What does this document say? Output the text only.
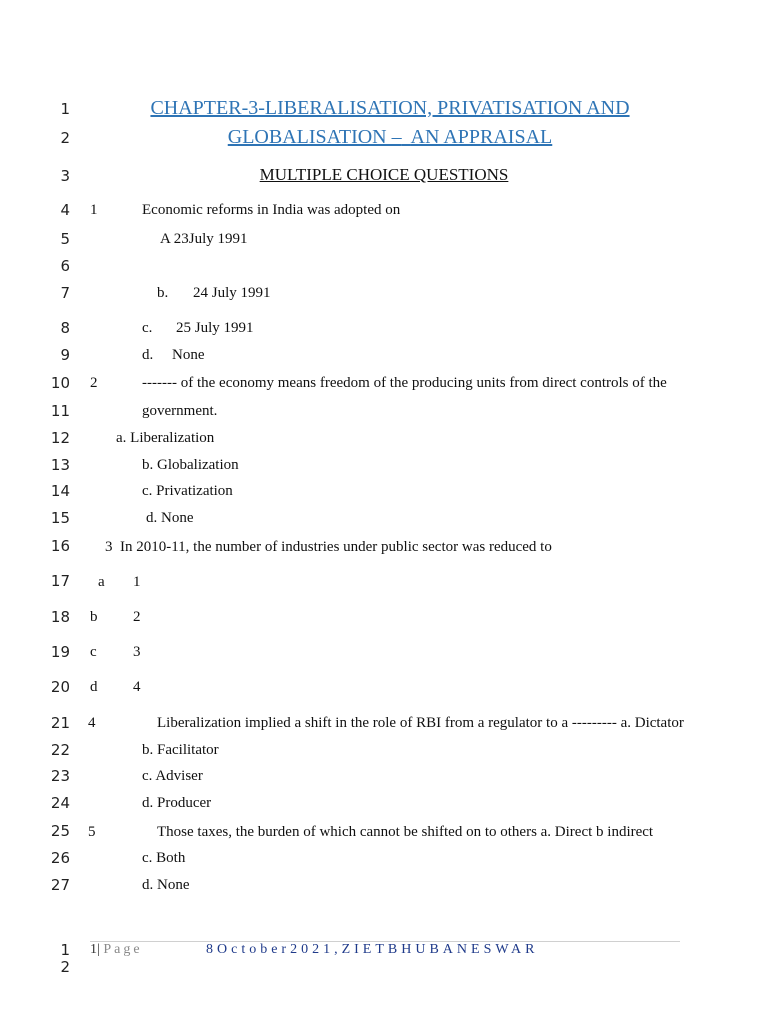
1
2
3
4
5
6
7
8
9
10
11
12
13
14
15
16
17
18
19
20
21
22
23
24
25
26
27
1
2
CHAPTER-3-LIBERALISATION, PRIVATISATION AND
GLOBALISATION – AN APPRAISAL
MULTIPLE CHOICE QUESTIONS
1	Economic reforms in India was adopted on
A 23July 1991
b. 24 July 1991
c. 25 July 1991
d. None
2	------- of the economy means freedom of the producing units from direct controls of the
government.
a. Liberalization
b. Globalization
c. Privatization
d. None
3 In 2010-11, the number of industries under public sector was reduced to
a 1
b 2
c 3
d 4
4	Liberalization implied a shift in the role of RBI from a regulator to a --------- a. Dictator
b. Facilitator
c. Adviser
d. Producer
5	Those taxes, the burden of which cannot be shifted on to others a. Direct b indirect
c. Both
d. None
1| Page	8October2021,ZIETBHUBANESWAR
